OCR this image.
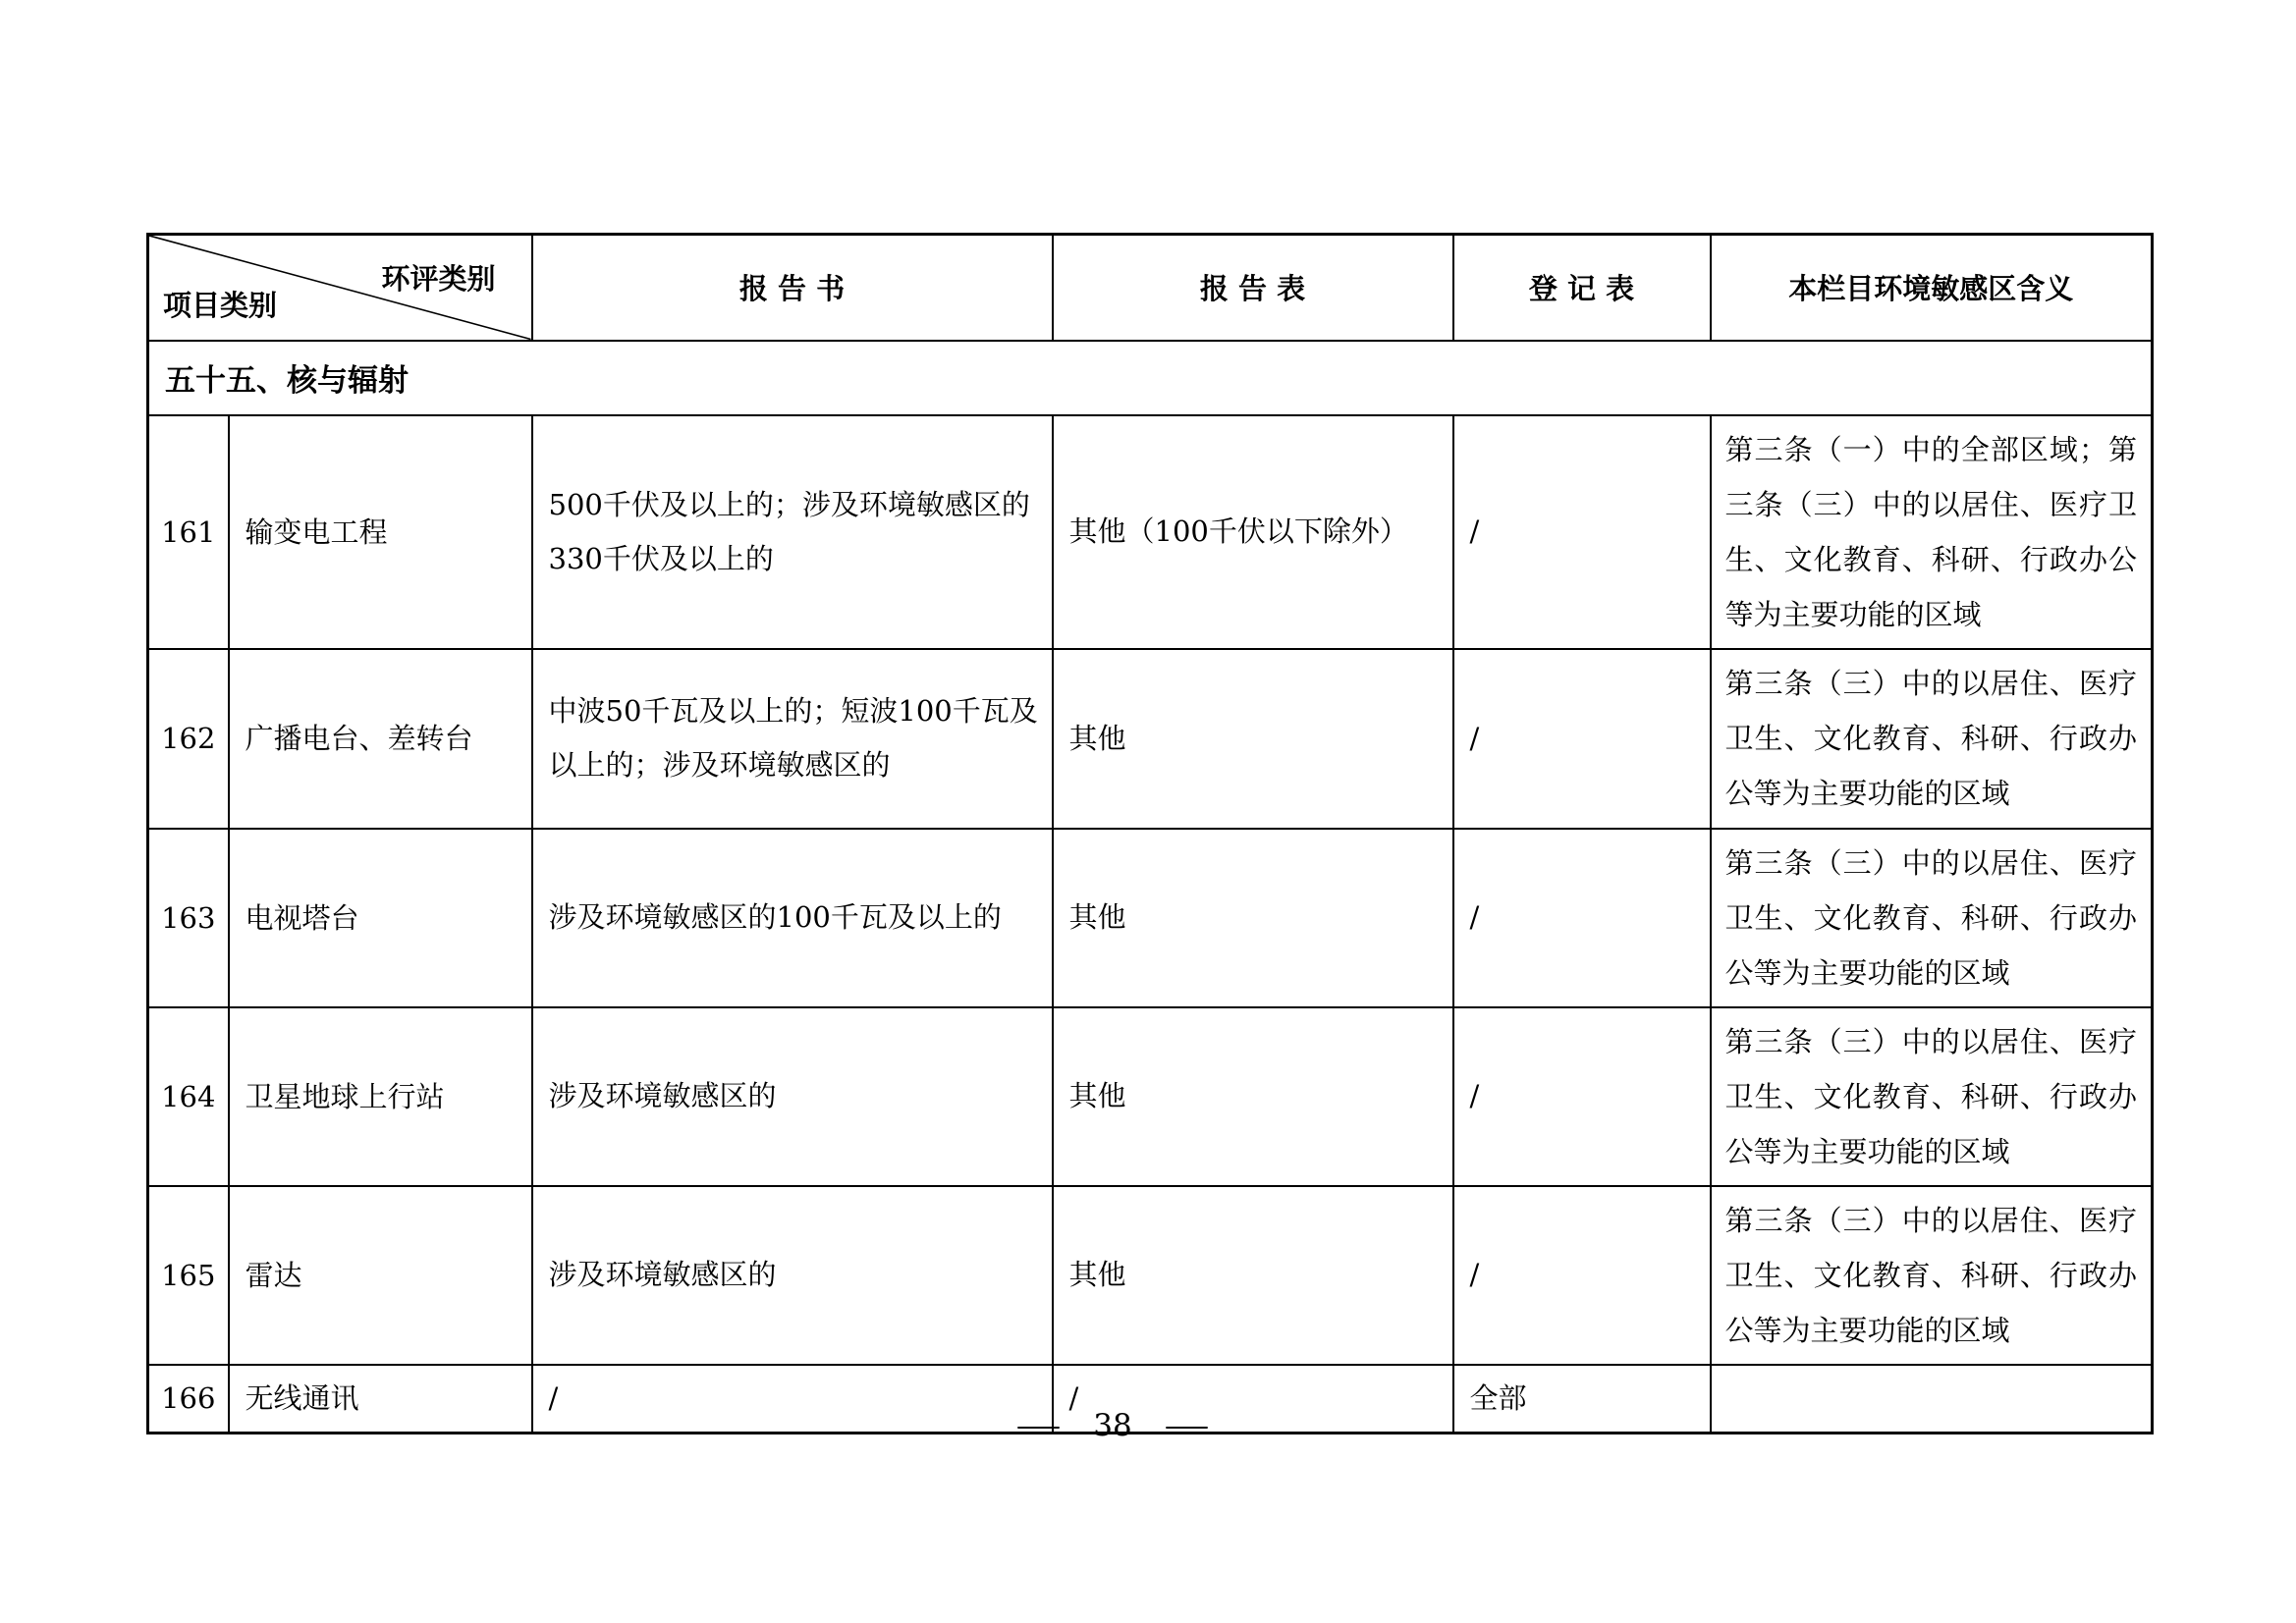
环评类别
项目类别		报 告 书	报 告 表	登 记 表	本栏目环境敏感区含义
五十五、核与辐射					
161	输变电工程	500千伏及以上的；涉及环境敏感区的330千伏及以上的	其他（100千伏以下除外）	/	第三条（一）中的全部区域；第三条（三）中的以居住、医疗卫生、文化教育、科研、行政办公等为主要功能的区域
162	广播电台、差转台	中波50千瓦及以上的；短波100千瓦及以上的；涉及环境敏感区的	其他	/	第三条（三）中的以居住、医疗卫生、文化教育、科研、行政办公等为主要功能的区域
163	电视塔台	涉及环境敏感区的100千瓦及以上的	其他	/	第三条（三）中的以居住、医疗卫生、文化教育、科研、行政办公等为主要功能的区域
164	卫星地球上行站	涉及环境敏感区的	其他	/	第三条（三）中的以居住、医疗卫生、文化教育、科研、行政办公等为主要功能的区域
165	雷达	涉及环境敏感区的	其他	/	第三条（三）中的以居住、医疗卫生、文化教育、科研、行政办公等为主要功能的区域
166	无线通讯	/	/	全部	
— 38 —
